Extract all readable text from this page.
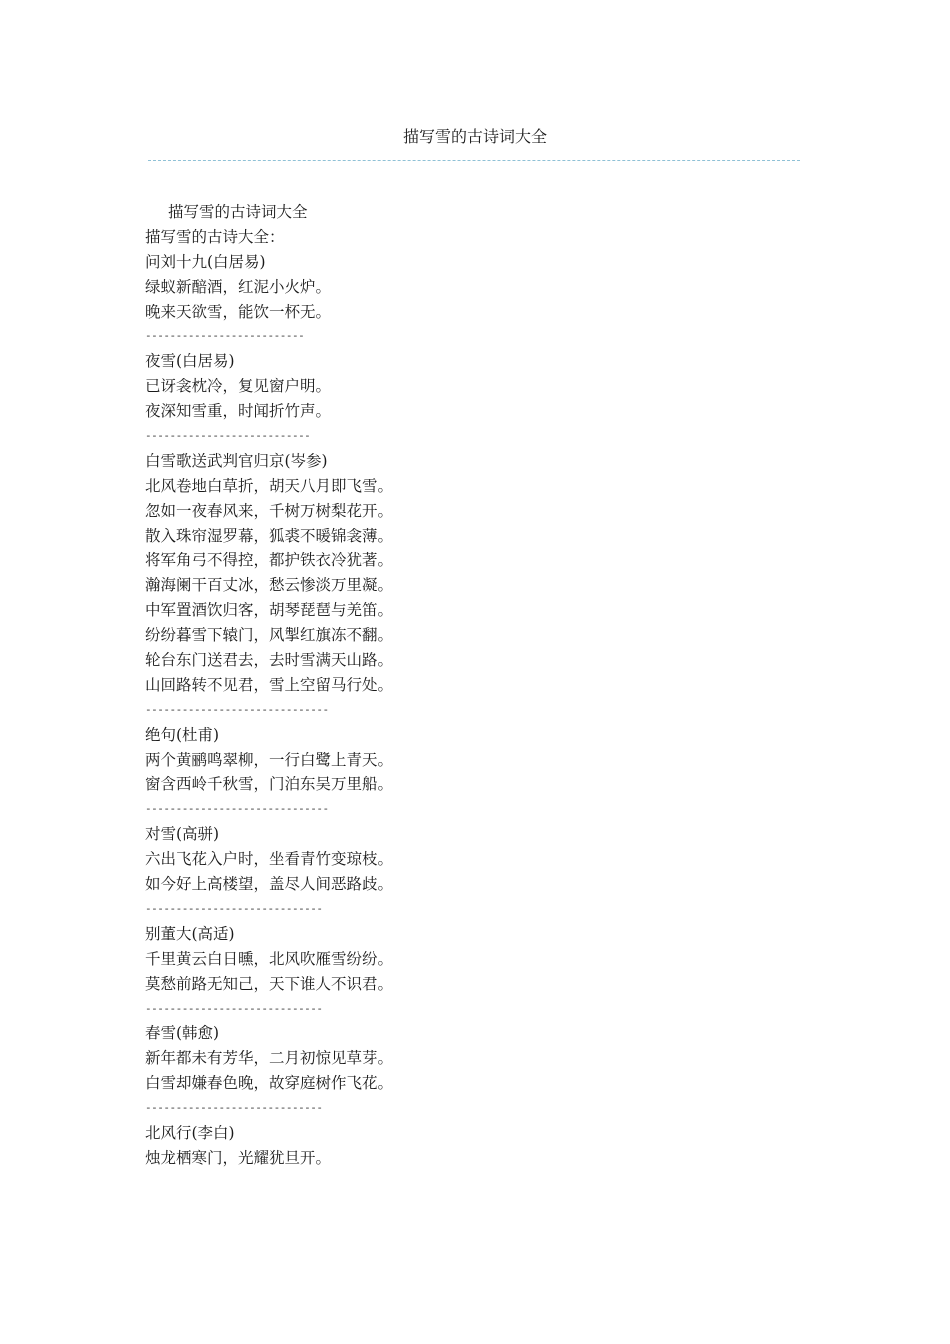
描写雪的古诗词大全
描写雪的古诗词大全
描写雪的古诗大全：
问刘十九(白居易)
绿蚁新醅酒，红泥小火炉。
晚来天欲雪，能饮一杯无。
--------------------------
夜雪(白居易)
已讶衾枕冷，复见窗户明。
夜深知雪重，时闻折竹声。
---------------------------
白雪歌送武判官归京(岑参)
北风卷地白草折，胡天八月即飞雪。
忽如一夜春风来，千树万树梨花开。
散入珠帘湿罗幕，狐裘不暖锦衾薄。
将军角弓不得控，都护铁衣冷犹著。
瀚海阑干百丈冰，愁云惨淡万里凝。
中军置酒饮归客，胡琴琵琶与羌笛。
纷纷暮雪下辕门，风掣红旗冻不翻。
轮台东门送君去，去时雪满天山路。
山回路转不见君，雪上空留马行处。
------------------------------
绝句(杜甫)
两个黄鹂鸣翠柳，一行白鹭上青天。
窗含西岭千秋雪，门泊东吴万里船。
------------------------------
对雪(高骈)
六出飞花入户时，坐看青竹变琼枝。
如今好上高楼望，盖尽人间恶路歧。
-----------------------------
别董大(高适)
千里黄云白日曛，北风吹雁雪纷纷。
莫愁前路无知己，天下谁人不识君。
-----------------------------
春雪(韩愈)
新年都未有芳华，二月初惊见草芽。
白雪却嫌春色晚，故穿庭树作飞花。
-----------------------------
北风行(李白)
烛龙栖寒门，光耀犹旦开。
